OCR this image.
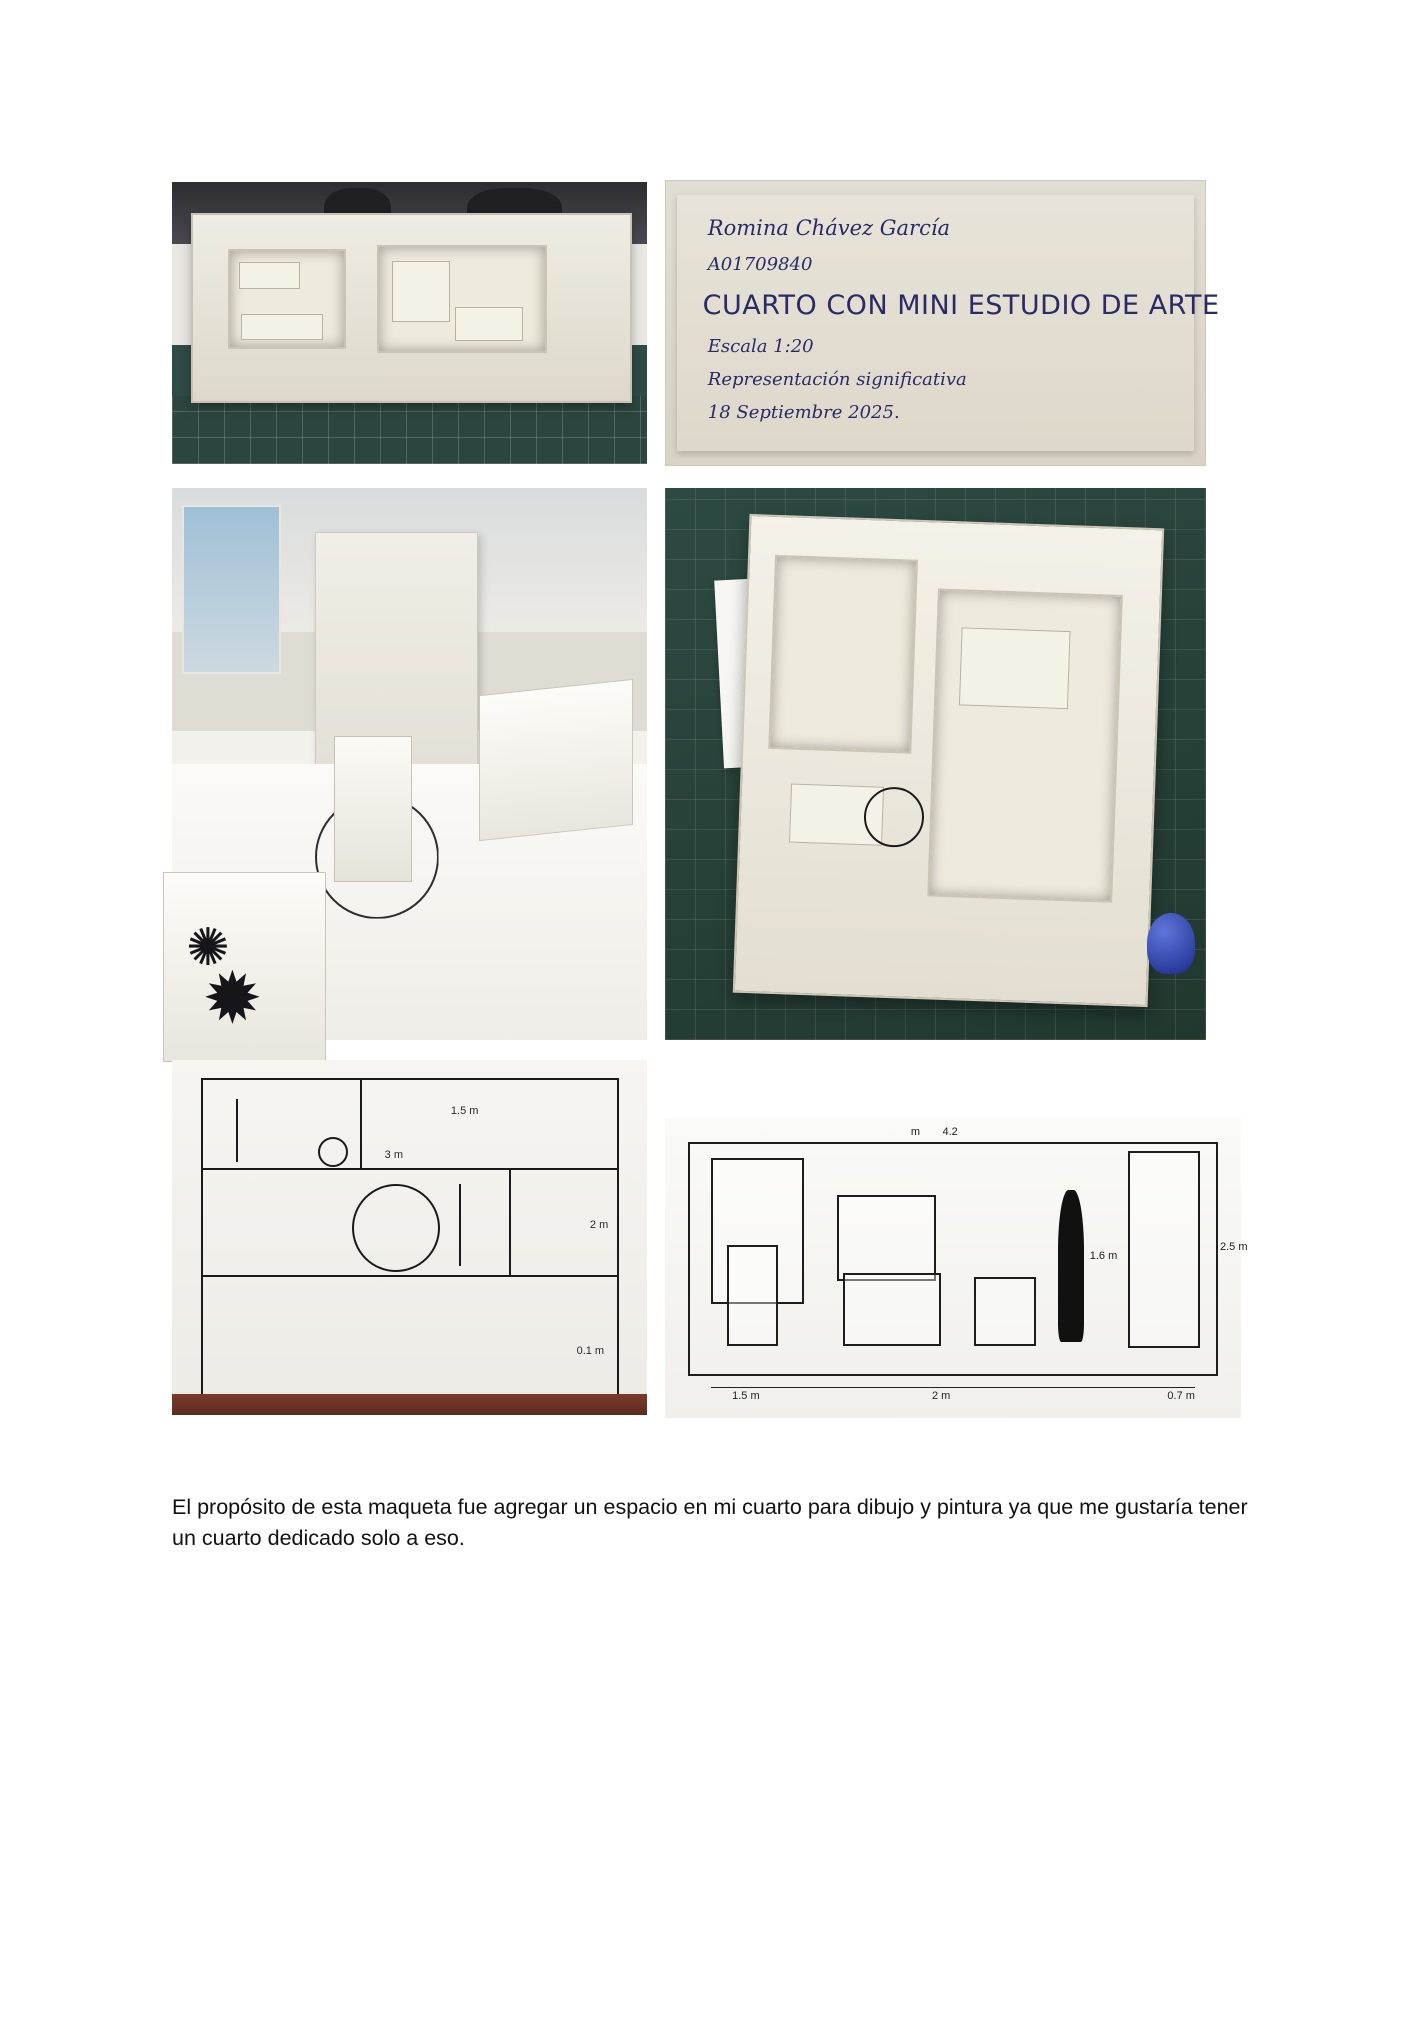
Romina Chávez García
A01709840
CUARTO CON MINI ESTUDIO DE ARTE
Escala 1:20
Representación significativa
18 Septiembre 2025.
✺
✹
1.5 m
3 m
2 m
0.1 m
4.2
m
2.5 m
1.6 m
1.5 m	2 m	0.7 m

El propósito de esta maqueta fue agregar un espacio en mi cuarto para dibujo y pintura ya que me gustaría tener un cuarto dedicado solo a eso.
